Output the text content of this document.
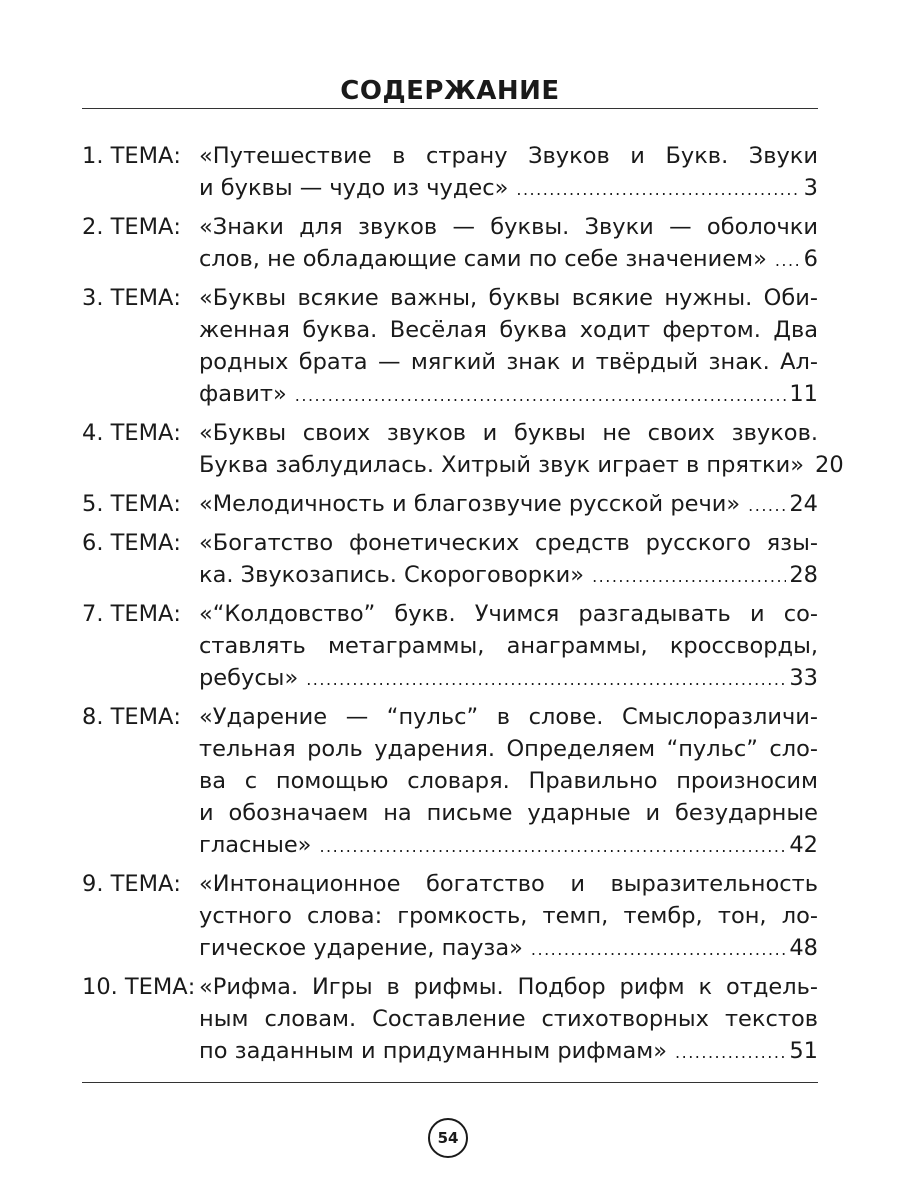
СОДЕРЖАНИЕ
1. ТЕМА: «Путешествие в страну Звуков и Букв. Звуки
и буквы — чудо из чудес» .....	3
2. ТЕМА: «Знаки для звуков — буквы. Звуки — оболочки
слов, не обладающие сами по себе значением» ..... 6
3. ТЕМА: «Буквы всякие важны, буквы всякие нужны. Оби-
женная буква. Весёлая буква ходит фертом. Два
родных брата — мягкий знак и твёрдый знак. Ал-
фавит» .....	11
4. ТЕМА: «Буквы своих звуков и буквы не своих звуков.
Буква заблудилась. Хитрый звук играет в прятки» 20
5. ТЕМА: «Мелодичность и благозвучие русской речи» ..... 24
6. ТЕМА: «Богатство фонетических средств русского язы-
ка. Звукозапись. Скороговорки» .....	28
7. ТЕМА: «“Колдовство” букв. Учимся разгадывать и со-
ставлять метаграммы, анаграммы, кроссворды,
ребусы» .....	33
8. ТЕМА: «Ударение — “пульс” в слове. Смыслоразличи-
тельная роль ударения. Определяем “пульс” сло-
ва с помощью словаря. Правильно произносим
и обозначаем на письме ударные и безударные
гласные» .....	42
9. ТЕМА: «Интонационное богатство и выразительность
устного слова: громкость, темп, тембр, тон, ло-
гическое ударение, пауза» .....	48
10. ТЕМА: «Рифма. Игры в рифмы. Подбор рифм к отдель-
ным словам. Составление стихотворных текстов
по заданным и придуманным рифмам» .....	51
54
